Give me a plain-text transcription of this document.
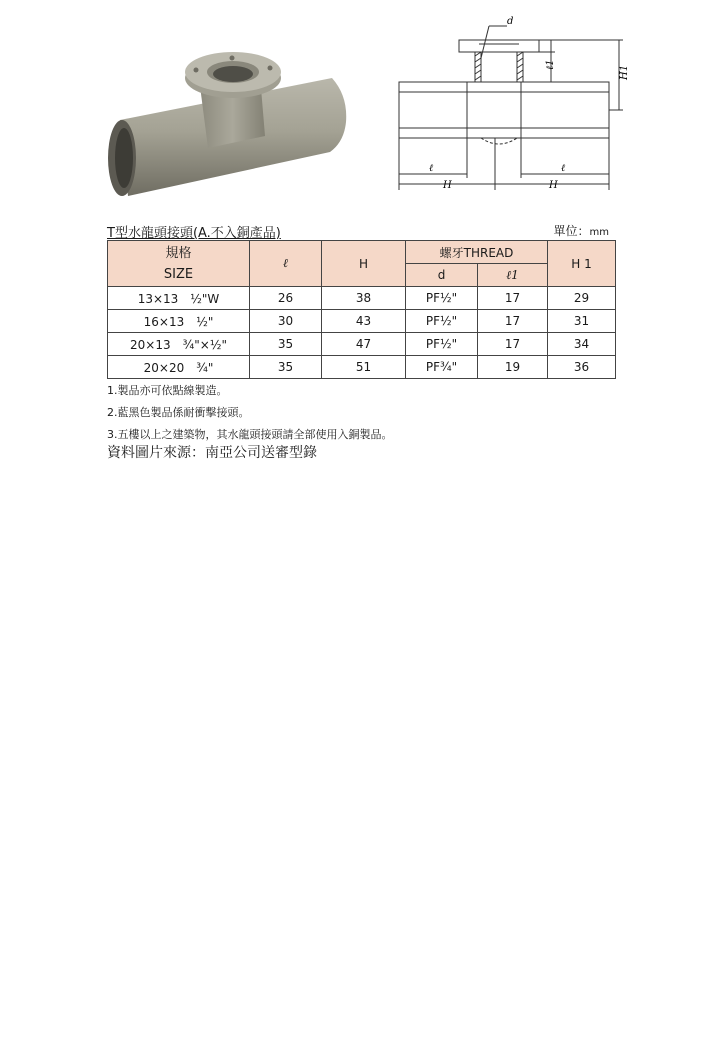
d
ℓ1
H1
ℓ	ℓ
H	H
T型水龍頭接頭(A.不入銅產品)	單位：mm
規格
SIZE	ℓ	H	螺牙THREAD		H 1
			d	ℓ1	
13×13　½"W	26	38	PF½"	17	29
16×13　½"	30	43	PF½"	17	31
20×13　¾"×½"	35	47	PF½"	17	34
20×20　¾"	35	51	PF¾"	19	36
1.製品亦可依點線製造。
2.藍黑色製品係耐衝擊接頭。
3.五樓以上之建築物，其水龍頭接頭請全部使用入銅製品。
資料圖片來源：南亞公司送審型錄
